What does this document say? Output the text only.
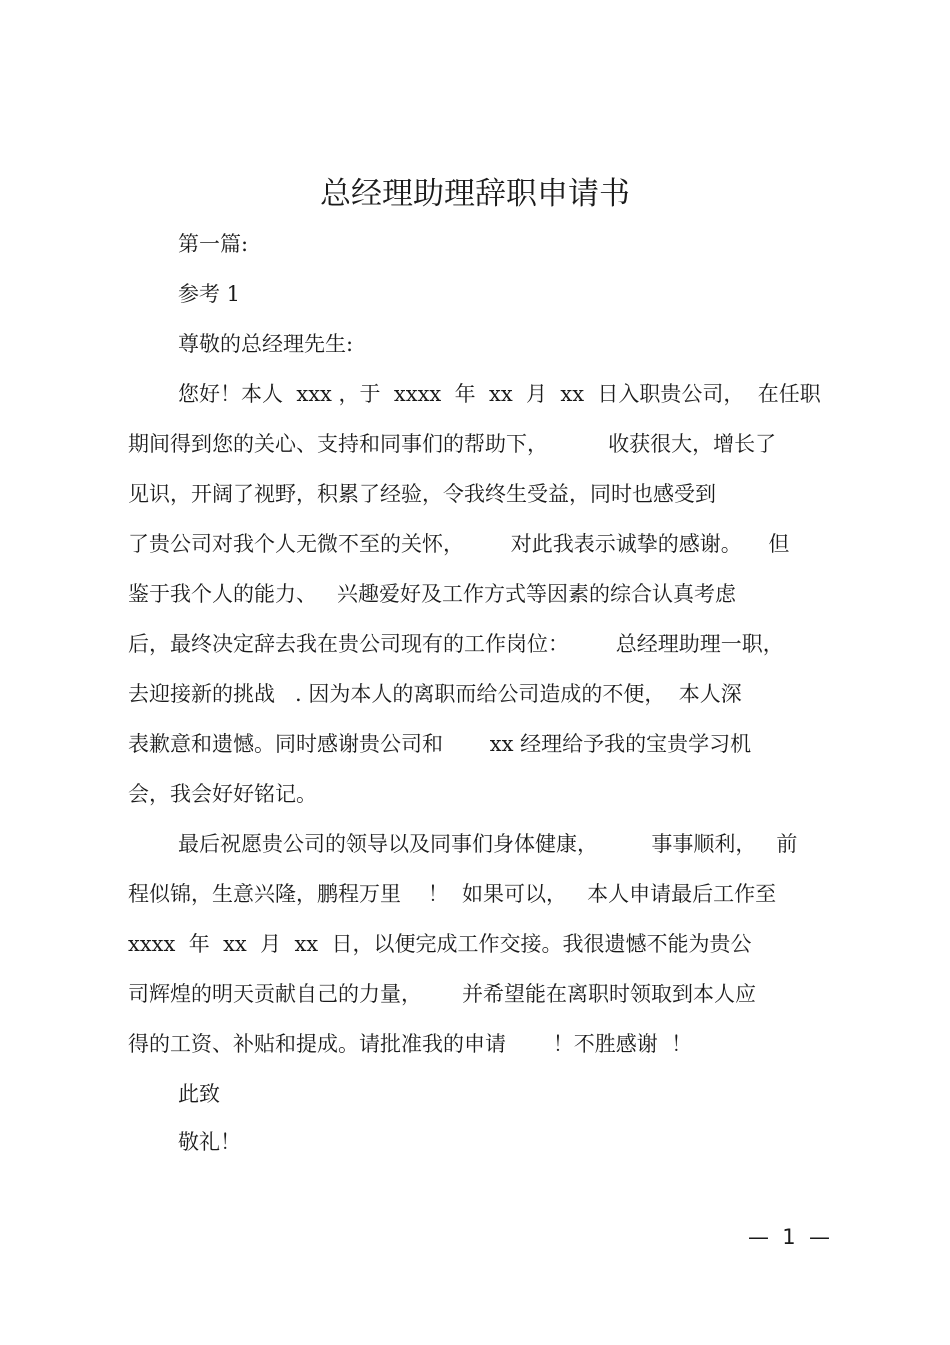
总经理助理辞职申请书
第一篇:
参考 1
尊敬的总经理先生:
您好！本人  xxx ，于  xxxx  年  xx  月  xx  日入职贵公司，  在任职
期间得到您的关心、支持和同事们的帮助下，         收获很大，增长了
见识，开阔了视野，积累了经验，令我终生受益，同时也感受到
了贵公司对我个人无微不至的关怀，       对此我表示诚挚的感谢。    但
鉴于我个人的能力、   兴趣爱好及工作方式等因素的综合认真考虑
后，最终决定辞去我在贵公司现有的工作岗位：       总经理助理一职，
去迎接新的挑战   . 因为本人的离职而给公司造成的不便，  本人深
表歉意和遗憾。同时感谢贵公司和       xx 经理给予我的宝贵学习机
会，我会好好铭记。
最后祝愿贵公司的领导以及同事们身体健康，        事事顺利，   前
程似锦，生意兴隆，鹏程万里    ！  如果可以，   本人申请最后工作至
xxxx  年  xx  月  xx  日，以便完成工作交接。我很遗憾不能为贵公
司辉煌的明天贡献自己的力量，      并希望能在离职时领取到本人应
得的工资、补贴和提成。请批准我的申请       ！不胜感谢  ！
此致
敬礼！
—  1  —
